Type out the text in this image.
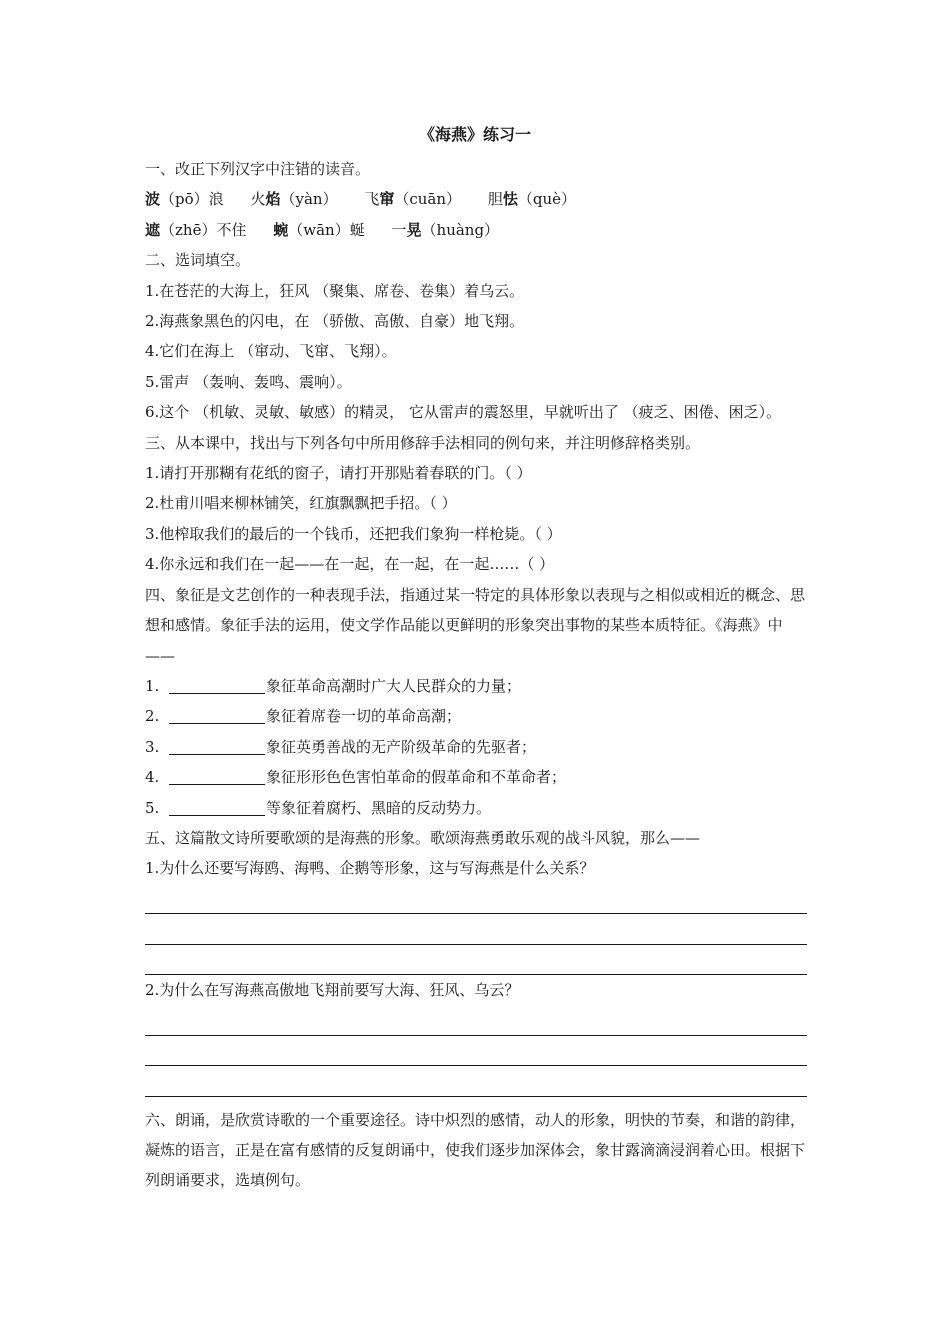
《海燕》练习一
一、改正下列汉字中注错的读音。
波（pō）浪 火焰（yàn） 飞窜（cuān） 胆怯（què）
遮（zhē）不住 蜿（wān）蜒 一晃（huàng）
二、选词填空。
1.在苍茫的大海上，狂风 （聚集、席卷、卷集）着乌云。
2.海燕象黑色的闪电，在 （骄傲、高傲、自豪）地飞翔。
4.它们在海上 （窜动、飞窜、飞翔）。
5.雷声 （轰响、轰鸣、震响）。
6.这个 （机敏、灵敏、敏感）的精灵， 它从雷声的震怒里，早就听出了 （疲乏、困倦、困乏）。
三、从本课中，找出与下列各句中所用修辞手法相同的例句来，并注明修辞格类别。
1.请打开那糊有花纸的窗子，请打开那贴着春联的门。（ ）
2.杜甫川唱来柳林铺笑，红旗飘飘把手招。（ ）
3.他榨取我们的最后的一个钱币，还把我们象狗一样枪毙。（ ）
4.你永远和我们在一起——在一起，在一起，在一起……（ ）
四、象征是文艺创作的一种表现手法，指通过某一特定的具体形象以表现与之相似或相近的概念、思想和感情。象征手法的运用，使文学作品能以更鲜明的形象突出事物的某些本质特征。《海燕》中——
1.	象征革命高潮时广大人民群众的力量；
2.	象征着席卷一切的革命高潮；
3.	象征英勇善战的无产阶级革命的先驱者；
4.	象征形形色色害怕革命的假革命和不革命者；
5.	等象征着腐朽、黑暗的反动势力。
五、这篇散文诗所要歌颂的是海燕的形象。歌颂海燕勇敢乐观的战斗风貌，那么——
1.为什么还要写海鸥、海鸭、企鹅等形象，这与写海燕是什么关系？
2.为什么在写海燕高傲地飞翔前要写大海、狂风、乌云？
六、朗诵，是欣赏诗歌的一个重要途径。诗中炽烈的感情，动人的形象，明快的节奏，和谐的韵律，凝炼的语言，正是在富有感情的反复朗诵中，使我们逐步加深体会，象甘露滴滴浸润着心田。根据下列朗诵要求，选填例句。
